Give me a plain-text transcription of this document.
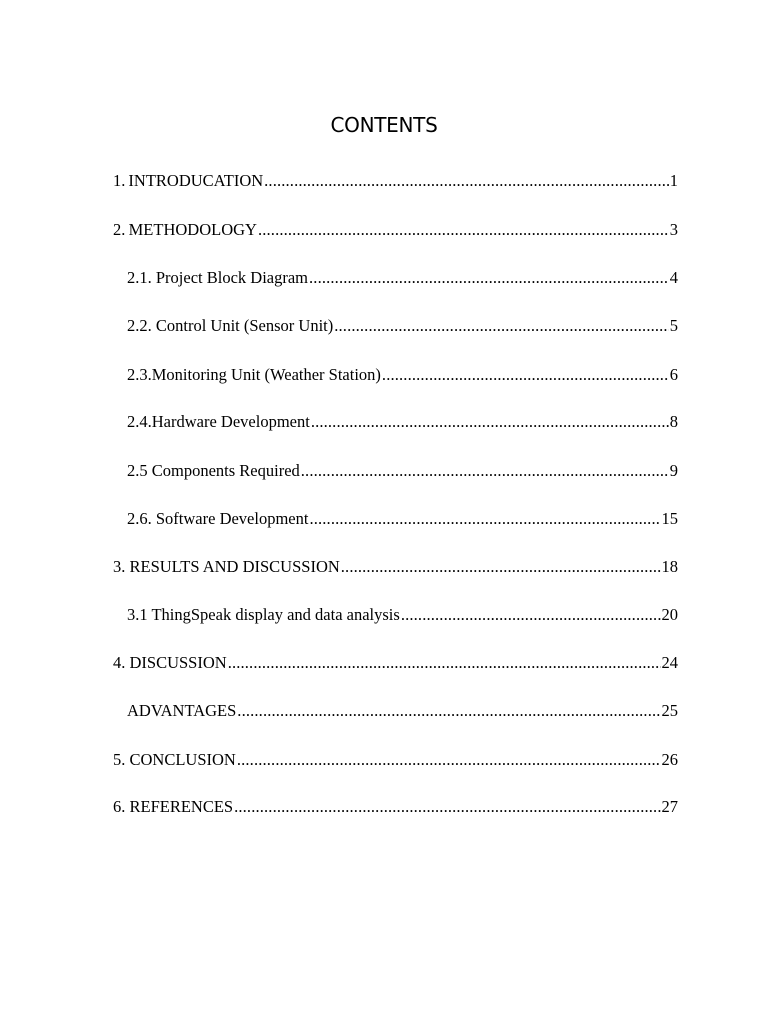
CONTENTS
1. INTRODUCATION .....	1
2. METHODOLOGY .....	3
2.1. Project Block Diagram .....	4
2.2. Control Unit (Sensor Unit) .....	5
2.3. Monitoring Unit (Weather Station) .....	6
2.4. Hardware Development .....	8
2.5 Components Required .....	9
2.6. Software Development .....	15
3. RESULTS AND DISCUSSION .....	18
3.1 ThingSpeak display and data analysis .....	20
4. DISCUSSION .....	24
ADVANTAGES .....	25
5. CONCLUSION .....	26
6. REFERENCES .....	27
